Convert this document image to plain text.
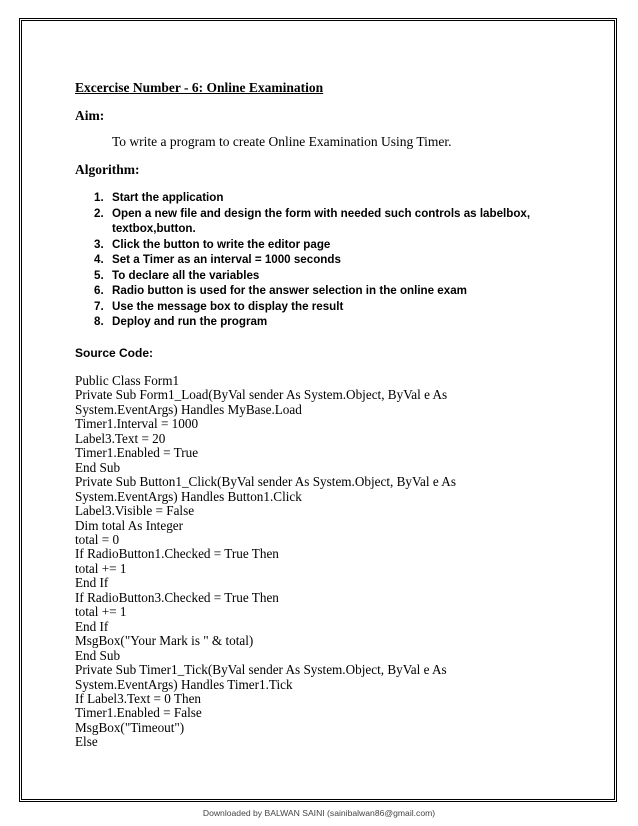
Excercise Number - 6: Online Examination
Aim:
To write a program to create Online Examination Using Timer.
Algorithm:
1. Start the application
2. Open a new file and design the form with needed such controls as labelbox, textbox,button.
3. Click the button to write the editor page
4. Set a Timer as an interval = 1000 seconds
5. To declare all the variables
6. Radio button is used for the answer selection in the online exam
7. Use the message box to display the result
8. Deploy and run the program
Source Code:
Public Class Form1
Private Sub Form1_Load(ByVal sender As System.Object, ByVal e As
System.EventArgs) Handles MyBase.Load
Timer1.Interval = 1000
Label3.Text = 20
Timer1.Enabled = True
End Sub
Private Sub Button1_Click(ByVal sender As System.Object, ByVal e As
System.EventArgs) Handles Button1.Click
Label3.Visible = False
Dim total As Integer
total = 0
If RadioButton1.Checked = True Then
total += 1
End If
If RadioButton3.Checked = True Then
total += 1
End If
MsgBox("Your Mark is " & total)
End Sub
Private Sub Timer1_Tick(ByVal sender As System.Object, ByVal e As
System.EventArgs) Handles Timer1.Tick
If Label3.Text = 0 Then
Timer1.Enabled = False
MsgBox("Timeout")
Else
Downloaded by BALWAN SAINI (sainibalwan86@gmail.com)
